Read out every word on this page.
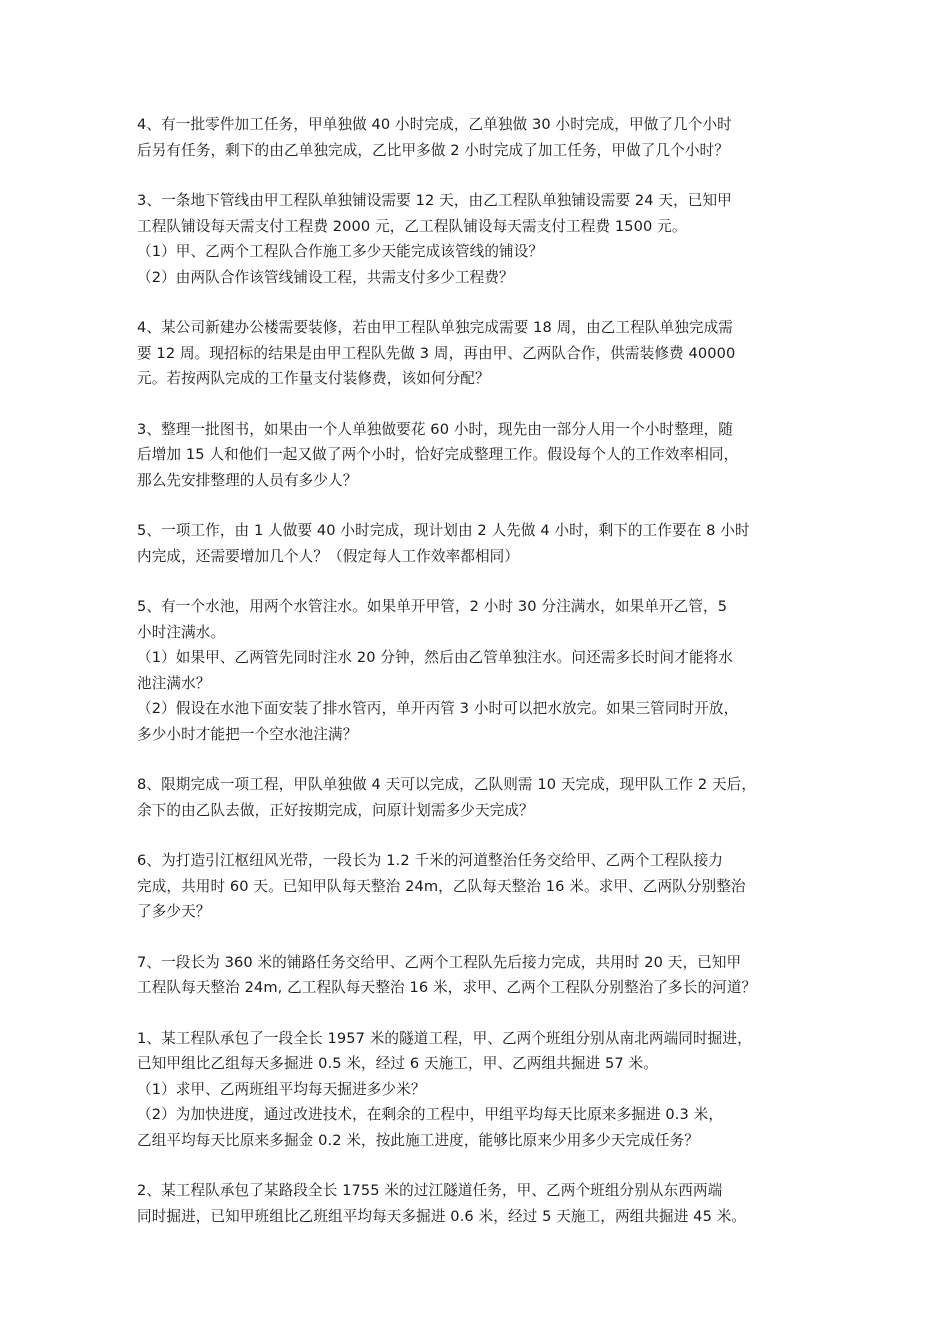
4、有一批零件加工任务，甲单独做 40 小时完成，乙单独做 30 小时完成，甲做了几个小时
后另有任务，剩下的由乙单独完成，乙比甲多做 2 小时完成了加工任务，甲做了几个小时？
3、一条地下管线由甲工程队单独铺设需要 12 天，由乙工程队单独铺设需要 24 天，已知甲
工程队铺设每天需支付工程费 2000 元，乙工程队铺设每天需支付工程费 1500 元。
（1）甲、乙两个工程队合作施工多少天能完成该管线的铺设？
（2）由两队合作该管线铺设工程，共需支付多少工程费？
4、某公司新建办公楼需要装修，若由甲工程队单独完成需要 18 周，由乙工程队单独完成需
要 12 周。现招标的结果是由甲工程队先做 3 周，再由甲、乙两队合作，供需装修费 40000
元。若按两队完成的工作量支付装修费，该如何分配？
3、整理一批图书，如果由一个人单独做要花 60 小时，现先由一部分人用一个小时整理，随
后增加 15 人和他们一起又做了两个小时，恰好完成整理工作。假设每个人的工作效率相同，
那么先安排整理的人员有多少人？
5、一项工作，由 1 人做要 40 小时完成，现计划由 2 人先做 4 小时，剩下的工作要在 8 小时
内完成，还需要增加几个人？（假定每人工作效率都相同）
5、有一个水池，用两个水管注水。如果单开甲管，2 小时 30 分注满水，如果单开乙管，5
小时注满水。
（1）如果甲、乙两管先同时注水 20 分钟，然后由乙管单独注水。问还需多长时间才能将水
池注满水？
（2）假设在水池下面安装了排水管丙，单开丙管 3 小时可以把水放完。如果三管同时开放，
多少小时才能把一个空水池注满？
8、限期完成一项工程，甲队单独做 4 天可以完成，乙队则需 10 天完成，现甲队工作 2 天后，
余下的由乙队去做，正好按期完成，问原计划需多少天完成？
6、为打造引江枢纽风光带，一段长为 1.2 千米的河道整治任务交给甲、乙两个工程队接力
完成，共用时 60 天。已知甲队每天整治 24m，乙队每天整治 16 米。求甲、乙两队分别整治
了多少天？
7、一段长为 360 米的铺路任务交给甲、乙两个工程队先后接力完成，共用时 20 天，已知甲
工程队每天整治 24m, 乙工程队每天整治 16 米，求甲、乙两个工程队分别整治了多长的河道？
1、某工程队承包了一段全长 1957 米的隧道工程，甲、乙两个班组分别从南北两端同时掘进，
已知甲组比乙组每天多掘进 0.5 米，经过 6 天施工，甲、乙两组共掘进 57 米。
（1）求甲、乙两班组平均每天掘进多少米？
（2）为加快进度，通过改进技术，在剩余的工程中，甲组平均每天比原来多掘进 0.3 米，
乙组平均每天比原来多掘金 0.2 米，按此施工进度，能够比原来少用多少天完成任务？
2、某工程队承包了某路段全长 1755 米的过江隧道任务，甲、乙两个班组分别从东西两端
同时掘进，已知甲班组比乙班组平均每天多掘进 0.6 米，经过 5 天施工，两组共掘进 45 米。
